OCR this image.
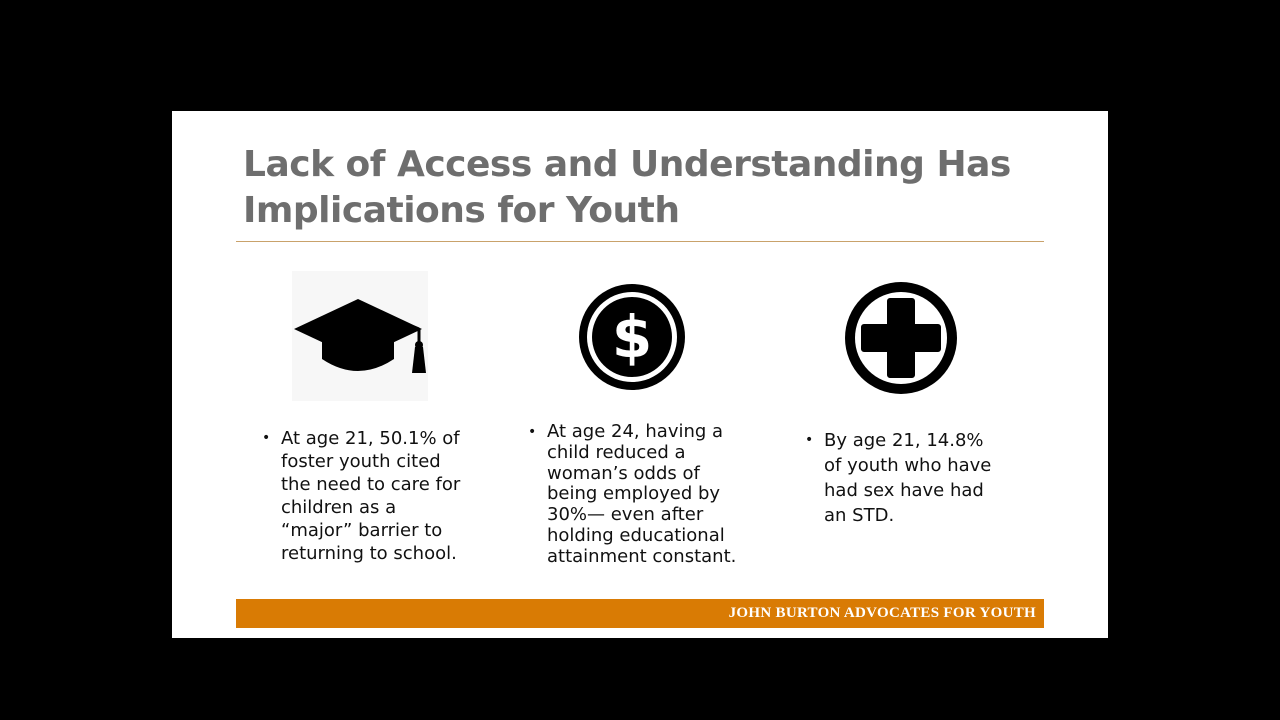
Lack of Access and Understanding Has Implications for Youth
$
• At age 21, 50.1% of foster youth cited the need to care for children as a “major” barrier to returning to school.
• At age 24, having a child reduced a woman’s odds of being employed by 30%— even after holding educational attainment constant.
• By age 21, 14.8% of youth who have had sex have had an STD.
JOHN BURTON ADVOCATES FOR YOUTH
